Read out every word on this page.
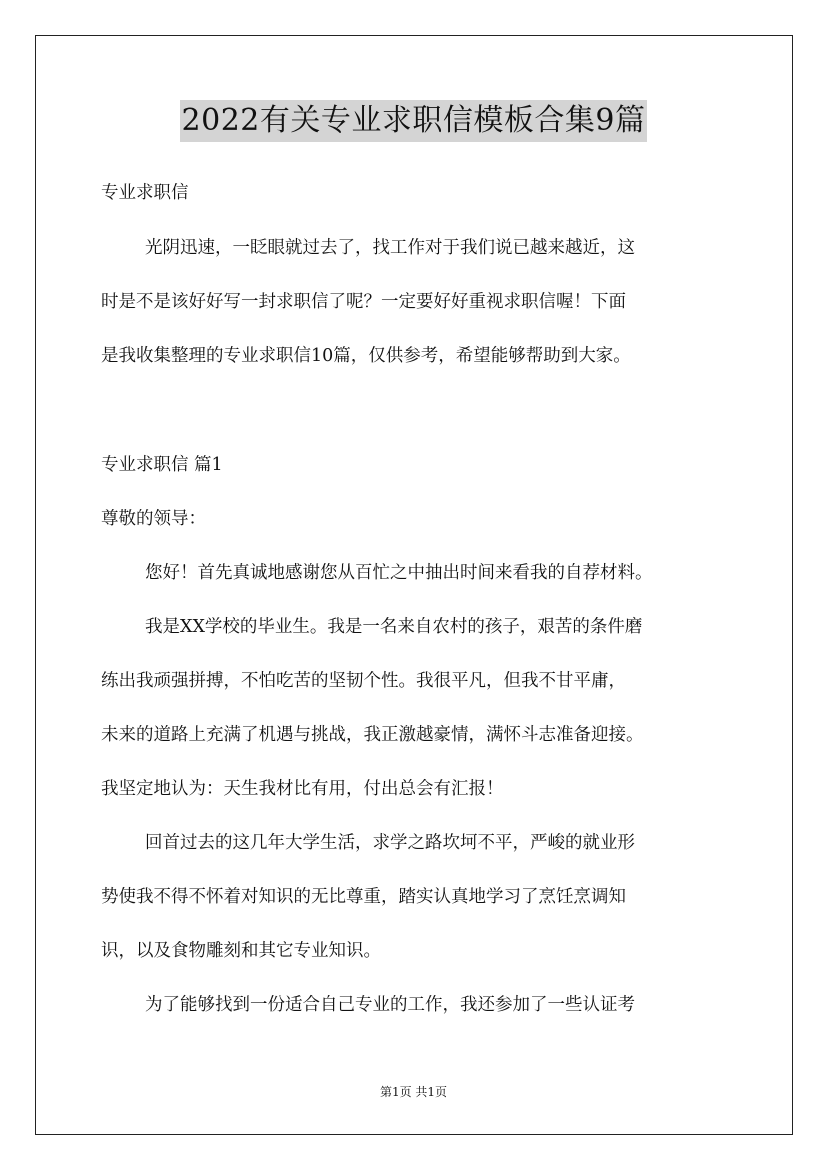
2022有关专业求职信模板合集9篇
专业求职信
光阴迅速，一眨眼就过去了，找工作对于我们说已越来越近，这
时是不是该好好写一封求职信了呢？一定要好好重视求职信喔！下面
是我收集整理的专业求职信10篇，仅供参考，希望能够帮助到大家。
专业求职信 篇1
尊敬的领导：
您好！首先真诚地感谢您从百忙之中抽出时间来看我的自荐材料。
我是XX学校的毕业生。我是一名来自农村的孩子，艰苦的条件磨
练出我顽强拼搏，不怕吃苦的坚韧个性。我很平凡，但我不甘平庸，
未来的道路上充满了机遇与挑战，我正激越豪情，满怀斗志准备迎接。
我坚定地认为：天生我材比有用，付出总会有汇报！
回首过去的这几年大学生活，求学之路坎坷不平，严峻的就业形
势使我不得不怀着对知识的无比尊重，踏实认真地学习了烹饪烹调知
识，以及食物雕刻和其它专业知识。
为了能够找到一份适合自己专业的工作，我还参加了一些认证考
第1页 共1页
